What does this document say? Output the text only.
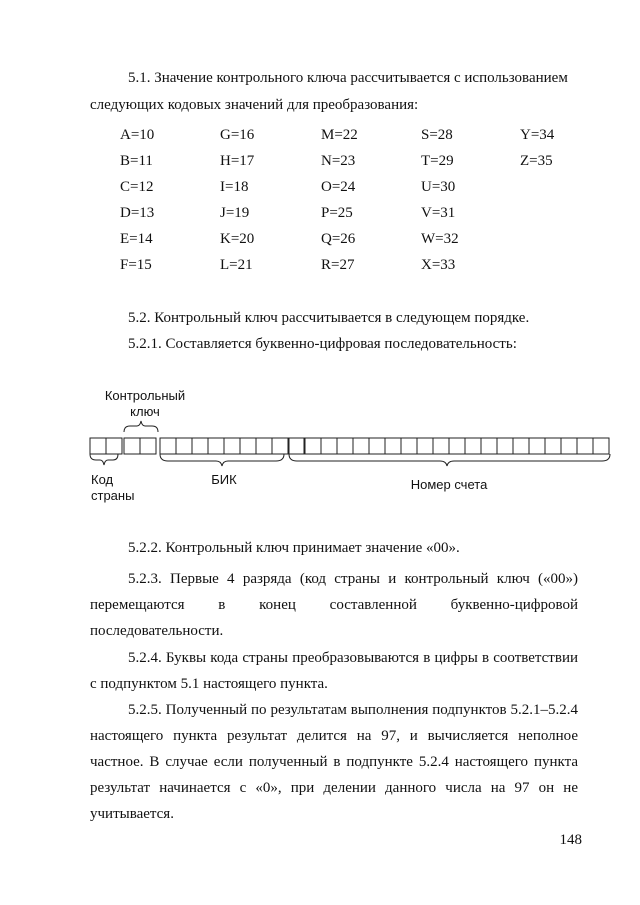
5.1. Значение контрольного ключа рассчитывается с использованием
следующих кодовых значений для преобразования:
A=10
B=11
C=12
D=13
E=14
F=15
G=16
H=17
I=18
J=19
K=20
L=21
M=22
N=23
O=24
P=25
Q=26
R=27
S=28
T=29
U=30
V=31
W=32
X=33
Y=34
Z=35
5.2. Контрольный ключ рассчитывается в следующем порядке.
5.2.1. Составляется буквенно-цифровая последовательность:
Контрольный
ключ
Код
страны
БИК	Номер счета
5.2.2. Контрольный ключ принимает значение «00».
5.2.3. Первые 4 разряда (код страны и контрольный ключ («00») перемещаются в конец составленной буквенно-цифровой последовательности.
5.2.4. Буквы кода страны преобразовываются в цифры в соответствии с подпунктом 5.1 настоящего пункта.
5.2.5. Полученный по результатам выполнения подпунктов 5.2.1–5.2.4 настоящего пункта результат делится на 97, и вычисляется неполное частное. В случае если полученный в подпункте 5.2.4 настоящего пункта результат начинается с «0», при делении данного числа на 97 он не учитывается.
148
